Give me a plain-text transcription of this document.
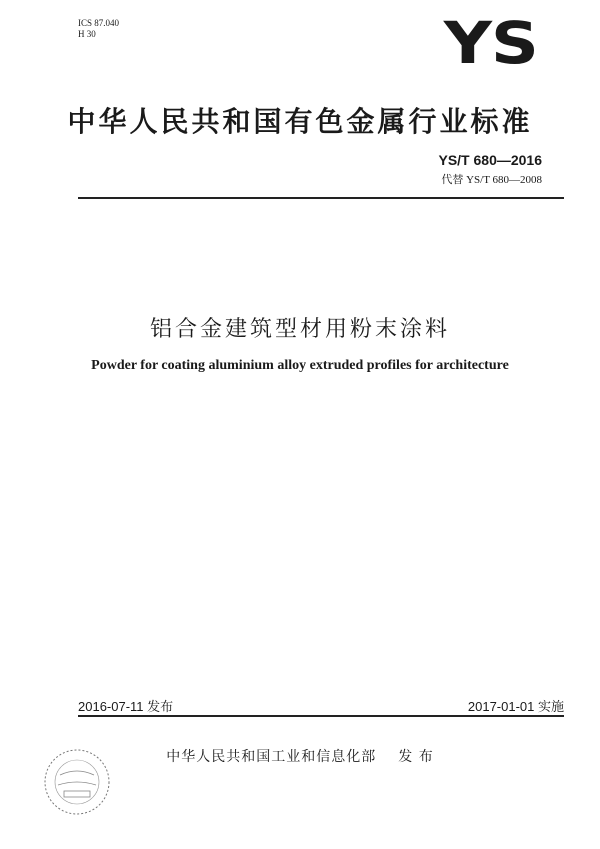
ICS 87.040
H 30	YS
中华人民共和国有色金属行业标准
YS/T 680—2016
代替 YS/T 680—2008
铝合金建筑型材用粉末涂料
Powder for coating aluminium alloy extruded profiles for architecture
2016-07-11 发布	2017-01-01 实施
中华人民共和国工业和信息化部 发 布
